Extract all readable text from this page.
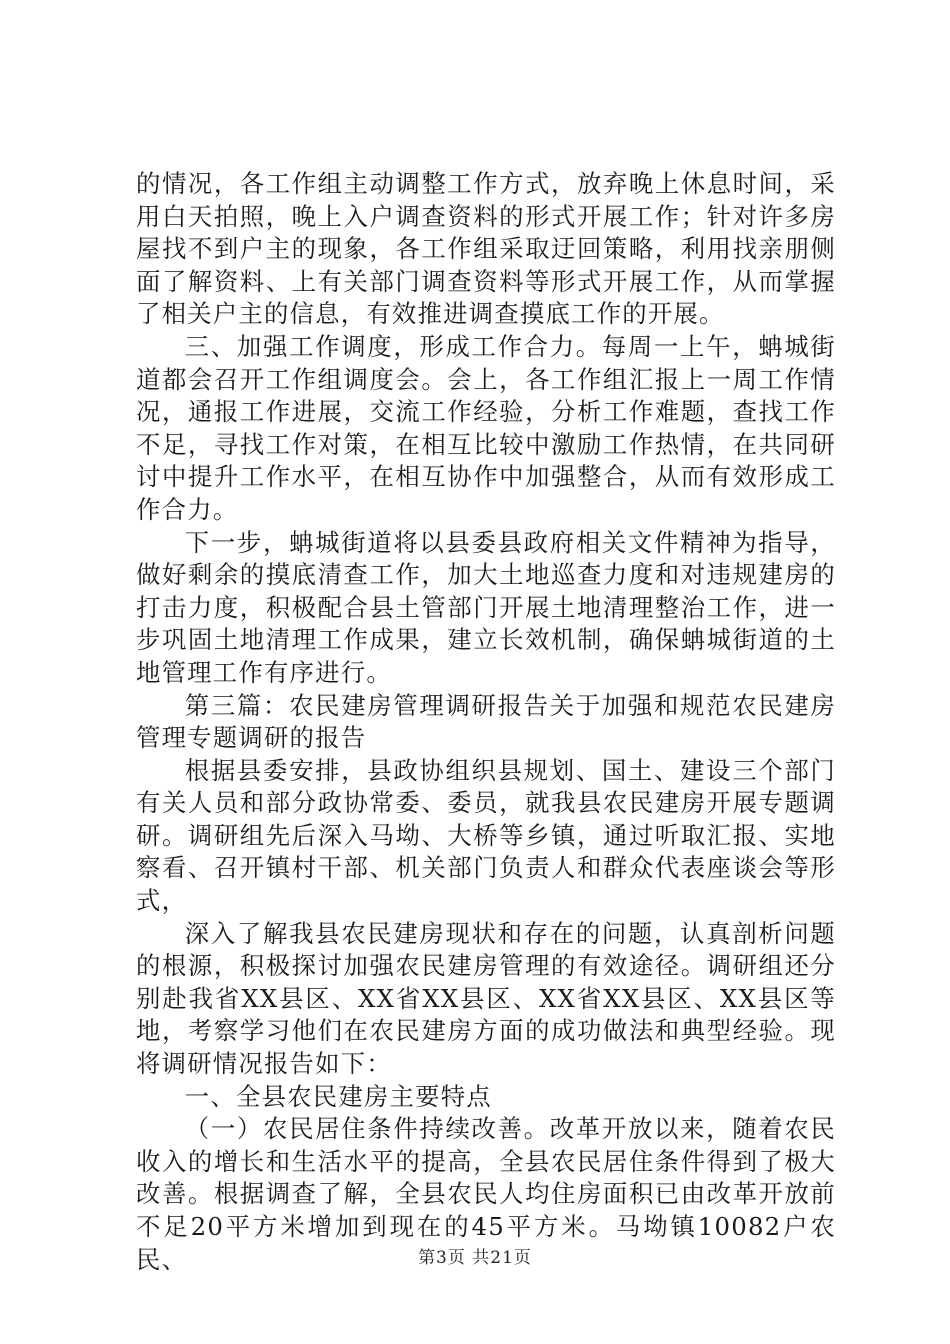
的情况，各工作组主动调整工作方式，放弃晚上休息时间，采用白天拍照，晚上入户调查资料的形式开展工作；针对许多房屋找不到户主的现象，各工作组采取迂回策略，利用找亲朋侧面了解资料、上有关部门调查资料等形式开展工作，从而掌握了相关户主的信息，有效推进调查摸底工作的开展。

三、加强工作调度，形成工作合力。每周一上午，蚺城街道都会召开工作组调度会。会上，各工作组汇报上一周工作情况，通报工作进展，交流工作经验，分析工作难题，查找工作不足，寻找工作对策，在相互比较中激励工作热情，在共同研讨中提升工作水平，在相互协作中加强整合，从而有效形成工作合力。

下一步，蚺城街道将以县委县政府相关文件精神为指导，做好剩余的摸底清查工作，加大土地巡查力度和对违规建房的打击力度，积极配合县土管部门开展土地清理整治工作，进一步巩固土地清理工作成果，建立长效机制，确保蚺城街道的土地管理工作有序进行。

第三篇：农民建房管理调研报告关于加强和规范农民建房管理专题调研的报告

根据县委安排，县政协组织县规划、国土、建设三个部门有关人员和部分政协常委、委员，就我县农民建房开展专题调研。调研组先后深入马坳、大桥等乡镇，通过听取汇报、实地察看、召开镇村干部、机关部门负责人和群众代表座谈会等形式，

深入了解我县农民建房现状和存在的问题，认真剖析问题的根源，积极探讨加强农民建房管理的有效途径。调研组还分别赴我省XX县区、XX省XX县区、XX省XX县区、XX县区等地，考察学习他们在农民建房方面的成功做法和典型经验。现将调研情况报告如下：

一、全县农民建房主要特点

（一）农民居住条件持续改善。改革开放以来，随着农民收入的增长和生活水平的提高，全县农民居住条件得到了极大改善。根据调查了解，全县农民人均住房面积已由改革开放前不足20平方米增加到现在的45平方米。马坳镇10082户农民、	第3页 共21页
